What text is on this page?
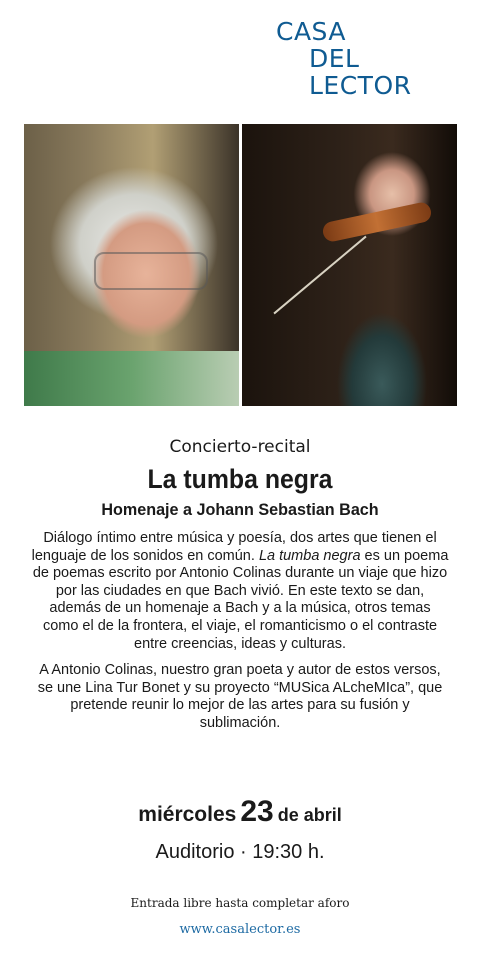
CASA
DEL
LECTOR

Concierto-recital

La tumba negra

Homenaje a Johann Sebastian Bach

Diálogo íntimo entre música y poesía, dos artes que tienen el lenguaje de los sonidos en común. La tumba negra es un poema de poemas escrito por Antonio Colinas durante un viaje que hizo por las ciudades en que Bach vivió. En este texto se dan, además de un homenaje a Bach y a la música, otros temas como el de la frontera, el viaje, el romanticismo o el contraste entre creencias, ideas y culturas.

A Antonio Colinas, nuestro gran poeta y autor de estos versos, se une Lina Tur Bonet y su proyecto “MUSica ALcheMIca”, que pretende reunir lo mejor de las artes para su fusión y sublimación.

miércoles 23 de abril
Auditorio · 19:30 h.
Entrada libre hasta completar aforo
www.casalector.es
